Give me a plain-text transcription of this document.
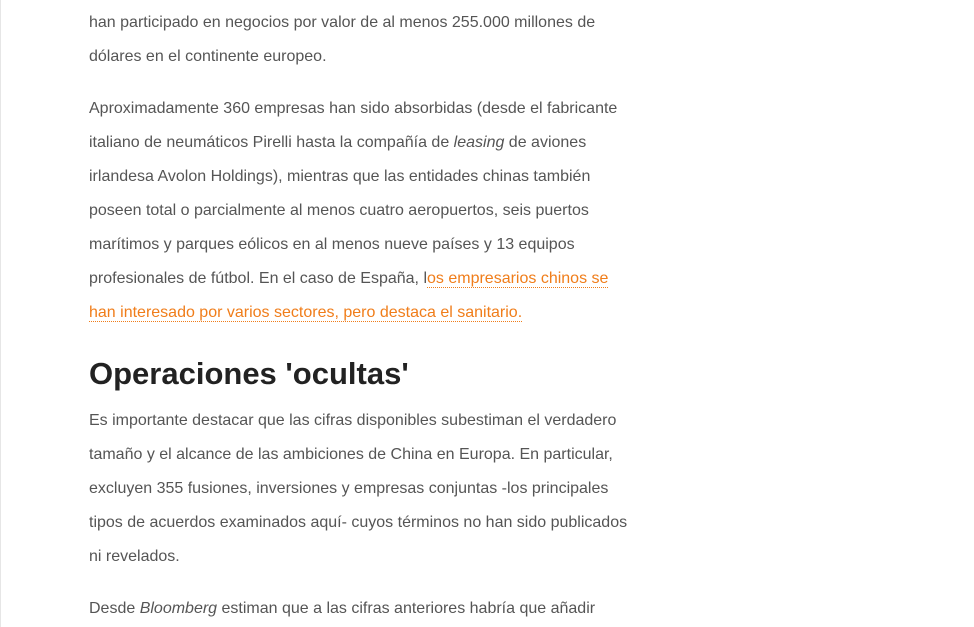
han participado en negocios por valor de al menos 255.000 millones de dólares en el continente europeo.

Aproximadamente 360 empresas han sido absorbidas (desde el fabricante italiano de neumáticos Pirelli hasta la compañía de leasing de aviones irlandesa Avolon Holdings), mientras que las entidades chinas también poseen total o parcialmente al menos cuatro aeropuertos, seis puertos marítimos y parques eólicos en al menos nueve países y 13 equipos profesionales de fútbol. En el caso de España, los empresarios chinos se han interesado por varios sectores, pero destaca el sanitario.

Operaciones 'ocultas'

Es importante destacar que las cifras disponibles subestiman el verdadero tamaño y el alcance de las ambiciones de China en Europa. En particular, excluyen 355 fusiones, inversiones y empresas conjuntas -los principales tipos de acuerdos examinados aquí- cuyos términos no han sido publicados ni revelados.

Desde Bloomberg estiman que a las cifras anteriores habría que añadir
